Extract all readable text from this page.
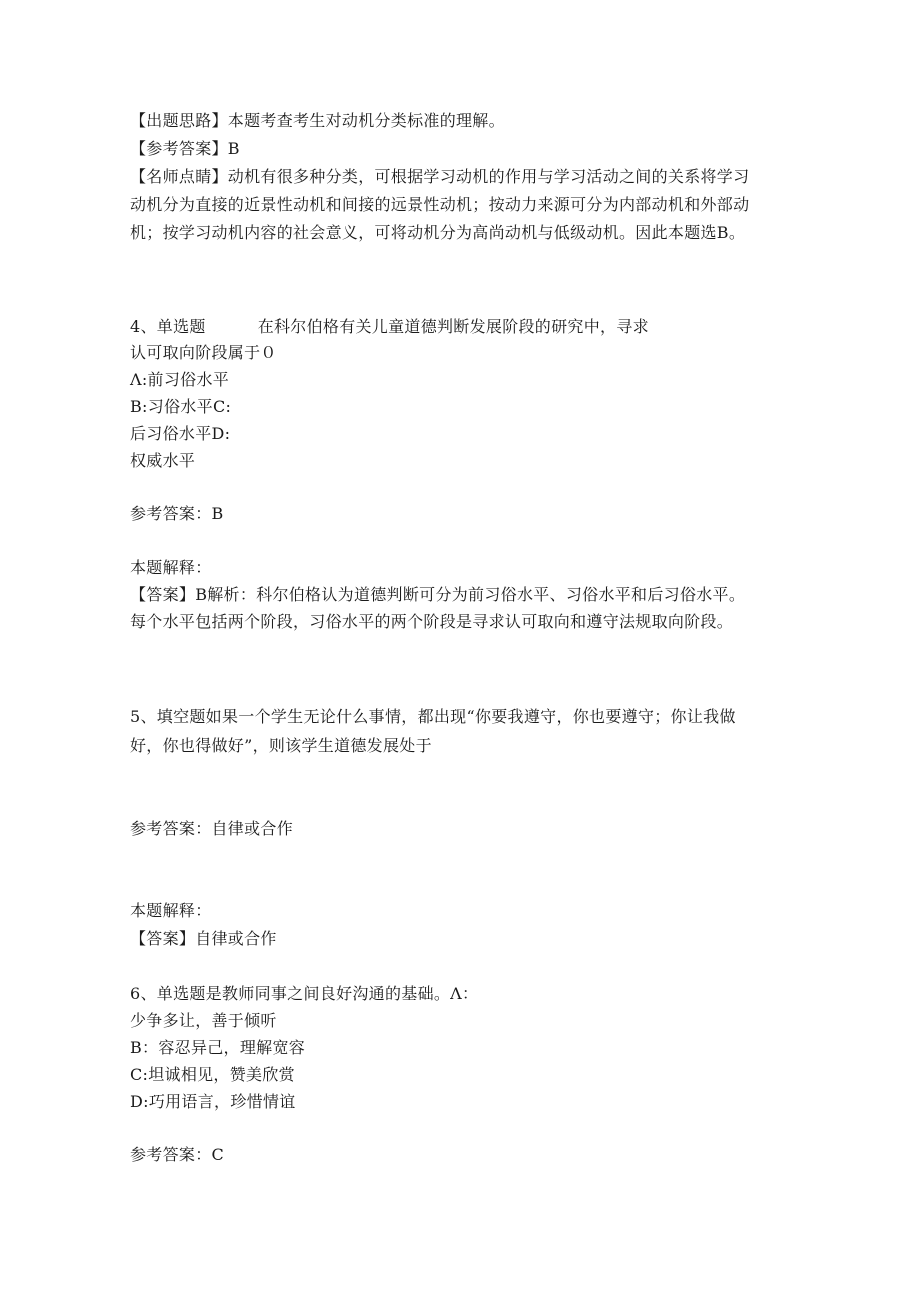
【出题思路】本题考查考生对动机分类标准的理解。
【参考答案】B
【名师点睛】动机有很多种分类，可根据学习动机的作用与学习活动之间的关系将学习
动机分为直接的近景性动机和间接的远景性动机；按动力来源可分为内部动机和外部动
机；按学习动机内容的社会意义，可将动机分为高尚动机与低级动机。因此本题选B。
4、单选题	在科尔伯格有关儿童道德判断发展阶段的研究中，寻求
认可取向阶段属于０
Λ:前习俗水平
B:习俗水平C:
后习俗水平D:
权威水平
参考答案：B
本题解释：
【答案】B解析：科尔伯格认为道德判断可分为前习俗水平、习俗水平和后习俗水平。
每个水平包括两个阶段，习俗水平的两个阶段是寻求认可取向和遵守法规取向阶段。
5、填空题如果一个学生无论什么事情，都出现“你要我遵守，你也要遵守；你让我做
好，你也得做好”，则该学生道德发展处于
参考答案：自律或合作
本题解释：
【答案】自律或合作
6、单选题是教师同事之间良好沟通的基础。Λ：
少争多让，善于倾听
B：容忍异己，理解宽容
C:坦诚相见，赞美欣赏
D:巧用语言，珍惜情谊
参考答案：C
